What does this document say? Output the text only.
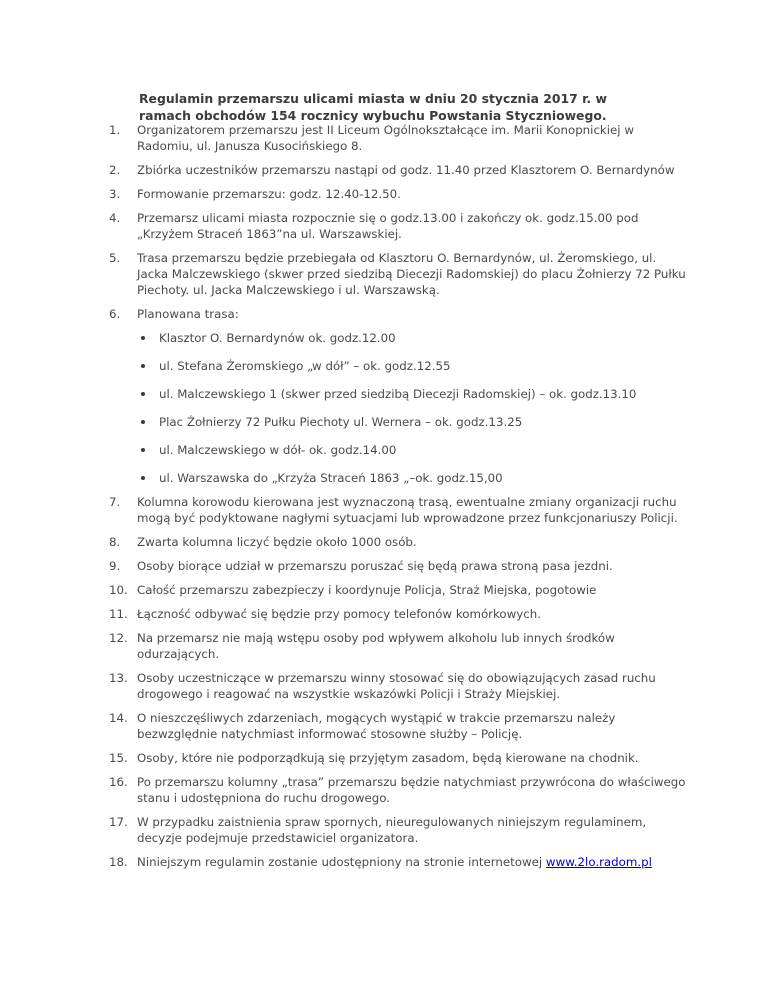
Regulamin przemarszu ulicami miasta w dniu 20 stycznia 2017 r. w ramach obchodów 154 rocznicy wybuchu Powstania Styczniowego.
1.	Organizatorem przemarszu jest II Liceum Ogólnokształcące im. Marii Konopnickiej w Radomiu, ul. Janusza Kusocińskiego 8.
2.	Zbiórka uczestników przemarszu nastąpi od godz. 11.40 przed Klasztorem O. Bernardynów
3.	Formowanie przemarszu: godz. 12.40-12.50.
4.	Przemarsz ulicami miasta rozpocznie się o godz.13.00 i zakończy ok. godz.15.00 pod „Krzyżem Straceń 1863”na ul. Warszawskiej.
5.	Trasa przemarszu będzie przebiegała od Klasztoru O. Bernardynów, ul. Żeromskiego, ul. Jacka Malczewskiego (skwer przed siedzibą Diecezji Radomskiej) do placu Żołnierzy 72 Pułku Piechoty. ul. Jacka Malczewskiego i ul. Warszawską.
6.	Planowana trasa:
Klasztor O. Bernardynów ok. godz.12.00
ul. Stefana Żeromskiego „w dół” – ok. godz.12.55
ul. Malczewskiego 1 (skwer przed siedzibą Diecezji Radomskiej) – ok. godz.13.10
Plac Żołnierzy 72 Pułku Piechoty ul. Wernera – ok. godz.13.25
ul. Malczewskiego w dół- ok. godz.14.00
ul. Warszawska do „Krzyża Straceń 1863 „–ok. godz.15,00
7.	Kolumna korowodu kierowana jest wyznaczoną trasą, ewentualne zmiany organizacji ruchu mogą być podyktowane nagłymi sytuacjami lub wprowadzone przez funkcjonariuszy Policji.
8.	Zwarta kolumna liczyć będzie około 1000 osób.
9.	Osoby biorące udział w przemarszu poruszać się będą prawa stroną pasa jezdni.
10. Całość przemarszu zabezpieczy i koordynuje Policja, Straż Miejska, pogotowie
11. Łączność odbywać się będzie przy pomocy telefonów komórkowych.
12. Na przemarsz nie mają wstępu osoby pod wpływem alkoholu lub innych środków odurzających.
13. Osoby uczestniczące w przemarszu winny stosować się do obowiązujących zasad ruchu drogowego i reagować na wszystkie wskazówki Policji i Straży Miejskiej.
14. O nieszczęśliwych zdarzeniach, mogących wystąpić w trakcie przemarszu należy bezwzględnie natychmiast informować stosowne służby – Policję.
15. Osoby, które nie podporządkują się przyjętym zasadom, będą kierowane na chodnik.
16. Po przemarszu kolumny „trasa” przemarszu będzie natychmiast przywrócona do właściwego stanu i udostępniona do ruchu drogowego.
17. W przypadku zaistnienia spraw spornych, nieuregulowanych niniejszym regulaminem, decyzje podejmuje przedstawiciel organizatora.
18. Niniejszym regulamin zostanie udostępniony na stronie internetowej www.2lo.radom.pl
